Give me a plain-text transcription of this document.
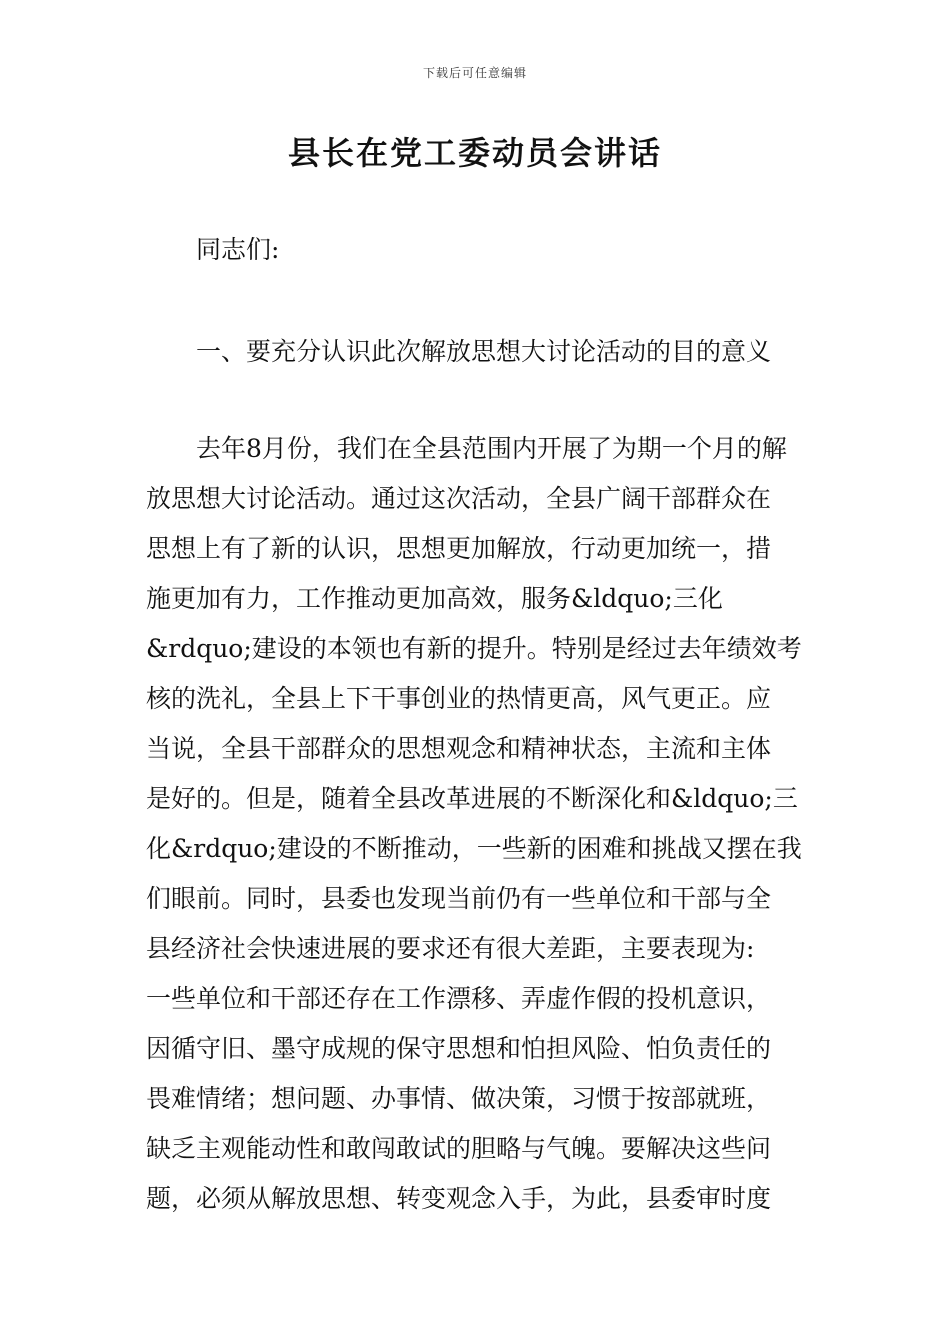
下载后可任意编辑
县长在党工委动员会讲话
同志们:
一、要充分认识此次解放思想大讨论活动的目的意义
去年8月份，我们在全县范围内开展了为期一个月的解
放思想大讨论活动。通过这次活动，全县广阔干部群众在
思想上有了新的认识，思想更加解放，行动更加统一，措
施更加有力，工作推动更加高效，服务&ldquo;三化
&rdquo;建设的本领也有新的提升。特别是经过去年绩效考
核的洗礼，全县上下干事创业的热情更高，风气更正。应
当说，全县干部群众的思想观念和精神状态，主流和主体
是好的。但是，随着全县改革进展的不断深化和&ldquo;三
化&rdquo;建设的不断推动，一些新的困难和挑战又摆在我
们眼前。同时，县委也发现当前仍有一些单位和干部与全
县经济社会快速进展的要求还有很大差距，主要表现为:
一些单位和干部还存在工作漂移、弄虚作假的投机意识，
因循守旧、墨守成规的保守思想和怕担风险、怕负责任的
畏难情绪；想问题、办事情、做决策，习惯于按部就班，
缺乏主观能动性和敢闯敢试的胆略与气魄。要解决这些问
题，必须从解放思想、转变观念入手，为此，县委审时度
